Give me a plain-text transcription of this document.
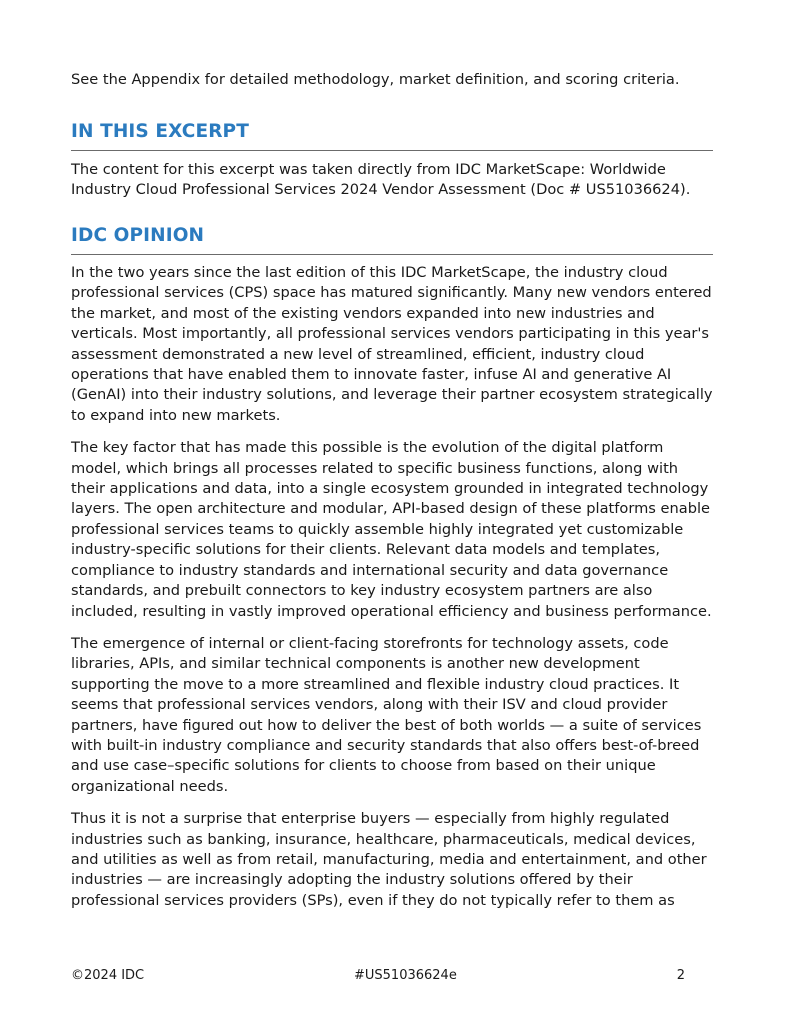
See the Appendix for detailed methodology, market definition, and scoring criteria.

IN THIS EXCERPT

The content for this excerpt was taken directly from IDC MarketScape: Worldwide Industry Cloud Professional Services 2024 Vendor Assessment (Doc # US51036624).

IDC OPINION

In the two years since the last edition of this IDC MarketScape, the industry cloud professional services (CPS) space has matured significantly. Many new vendors entered the market, and most of the existing vendors expanded into new industries and verticals. Most importantly, all professional services vendors participating in this year's assessment demonstrated a new level of streamlined, efficient, industry cloud operations that have enabled them to innovate faster, infuse AI and generative AI (GenAI) into their industry solutions, and leverage their partner ecosystem strategically to expand into new markets.

The key factor that has made this possible is the evolution of the digital platform model, which brings all processes related to specific business functions, along with their applications and data, into a single ecosystem grounded in integrated technology layers. The open architecture and modular, API-based design of these platforms enable professional services teams to quickly assemble highly integrated yet customizable industry-specific solutions for their clients. Relevant data models and templates, compliance to industry standards and international security and data governance standards, and prebuilt connectors to key industry ecosystem partners are also included, resulting in vastly improved operational efficiency and business performance.

The emergence of internal or client-facing storefronts for technology assets, code libraries, APIs, and similar technical components is another new development supporting the move to a more streamlined and flexible industry cloud practices. It seems that professional services vendors, along with their ISV and cloud provider partners, have figured out how to deliver the best of both worlds — a suite of services with built-in industry compliance and security standards that also offers best-of-breed and use case–specific solutions for clients to choose from based on their unique organizational needs.

Thus it is not a surprise that enterprise buyers — especially from highly regulated industries such as banking, insurance, healthcare, pharmaceuticals, medical devices, and utilities as well as from retail, manufacturing, media and entertainment, and other industries — are increasingly adopting the industry solutions offered by their professional services providers (SPs), even if they do not typically refer to them as

©2024 IDC	#US51036624e	2
